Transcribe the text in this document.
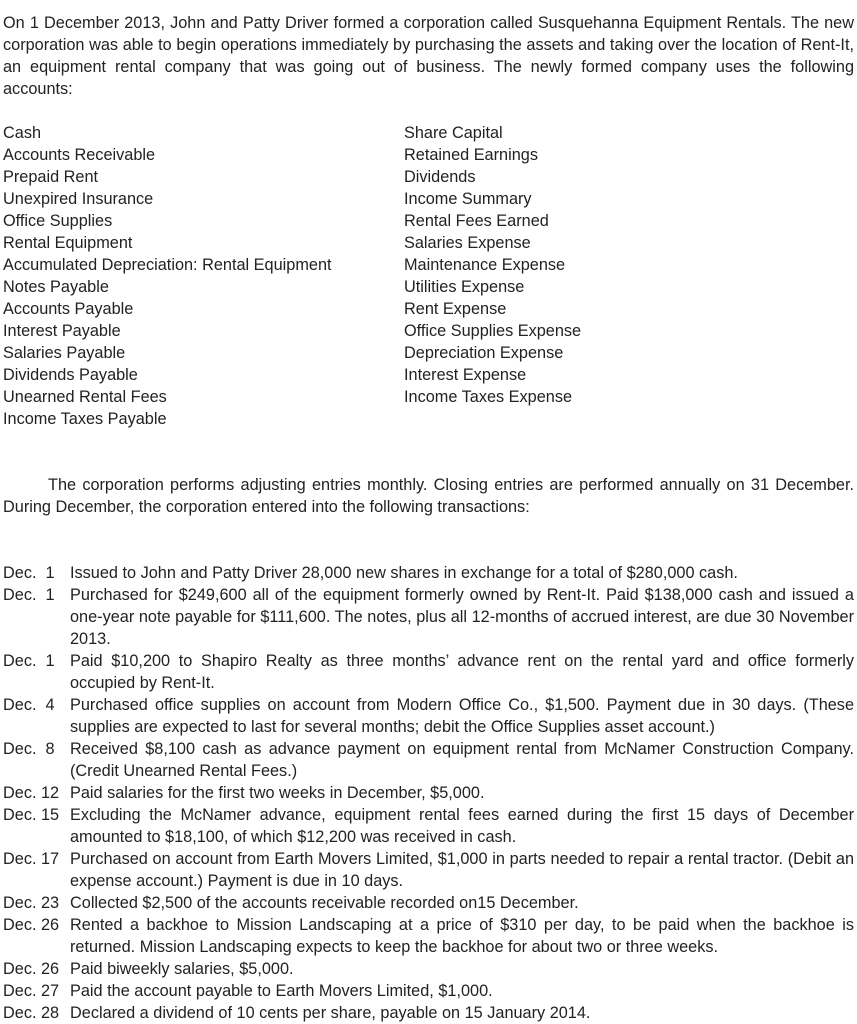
On 1 December 2013, John and Patty Driver formed a corporation called Susquehanna Equipment Rentals. The new corporation was able to begin operations immediately by purchasing the assets and taking over the location of Rent-It, an equipment rental company that was going out of business. The newly formed company uses the following accounts:

Cash
Accounts Receivable
Prepaid Rent
Unexpired Insurance
Office Supplies
Rental Equipment
Accumulated Depreciation: Rental Equipment
Notes Payable
Accounts Payable
Interest Payable
Salaries Payable
Dividends Payable
Unearned Rental Fees
Income Taxes Payable
Share Capital
Retained Earnings
Dividends
Income Summary
Rental Fees Earned
Salaries Expense
Maintenance Expense
Utilities Expense
Rent Expense
Office Supplies Expense
Depreciation Expense
Interest Expense
Income Taxes Expense

The corporation performs adjusting entries monthly. Closing entries are performed annually on 31 December. During December, the corporation entered into the following transactions:

Dec.  1 Issued to John and Patty Driver 28,000 new shares in exchange for a total of $280,000 cash.
Dec.  1 Purchased for $249,600 all of the equipment formerly owned by Rent-It. Paid $138,000 cash and issued a one-year note payable for $111,600. The notes, plus all 12-months of accrued interest, are due 30 November 2013.
Dec.  1 Paid $10,200 to Shapiro Realty as three months’ advance rent on the rental yard and office formerly occupied by Rent-It.
Dec.  4 Purchased office supplies on account from Modern Office Co., $1,500. Payment due in 30 days. (These supplies are expected to last for several months; debit the Office Supplies asset account.)
Dec.  8 Received $8,100 cash as advance payment on equipment rental from McNamer Construction Company. (Credit Unearned Rental Fees.)
Dec. 12 Paid salaries for the first two weeks in December, $5,000.
Dec. 15 Excluding the McNamer advance, equipment rental fees earned during the first 15 days of December amounted to $18,100, of which $12,200 was received in cash.
Dec. 17 Purchased on account from Earth Movers Limited, $1,000 in parts needed to repair a rental tractor. (Debit an expense account.) Payment is due in 10 days.
Dec. 23 Collected $2,500 of the accounts receivable recorded on15 December.
Dec. 26 Rented a backhoe to Mission Landscaping at a price of $310 per day, to be paid when the backhoe is returned. Mission Landscaping expects to keep the backhoe for about two or three weeks.
Dec. 26 Paid biweekly salaries, $5,000.
Dec. 27 Paid the account payable to Earth Movers Limited, $1,000.
Dec. 28 Declared a dividend of 10 cents per share, payable on 15 January 2014.
